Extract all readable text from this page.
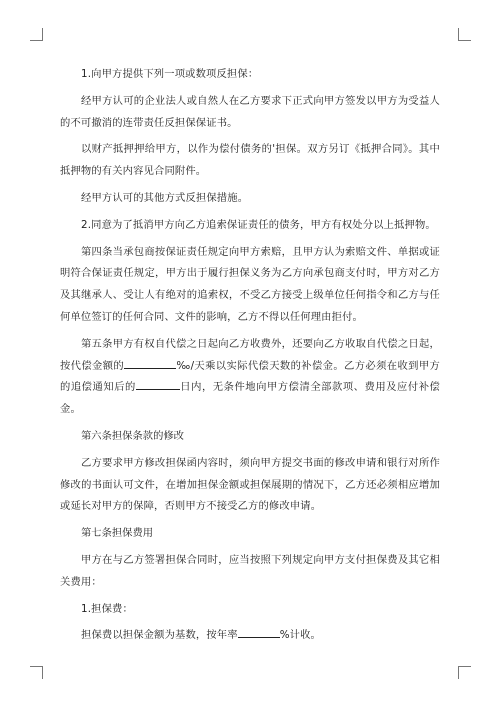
1.向甲方提供下列一项或数项反担保：

经甲方认可的企业法人或自然人在乙方要求下正式向甲方签发以甲方为受益人的不可撤消的连带责任反担保保证书。

以财产抵押押给甲方，以作为偿付债务的'担保。双方另订《抵押合同》。其中抵押物的有关内容见合同附件。

经甲方认可的其他方式反担保措施。

2.同意为了抵消甲方向乙方追索保证责任的债务，甲方有权处分以上抵押物。

第四条当承包商按保证责任规定向甲方索赔，且甲方认为索赔文件、单据或证明符合保证责任规定，甲方出于履行担保义务为乙方向承包商支付时，甲方对乙方及其继承人、受让人有绝对的追索权，不受乙方接受上级单位任何指令和乙方与任何单位签订的任何合同、文件的影响，乙方不得以任何理由拒付。

第五条甲方有权自代偿之日起向乙方收费外，还要向乙方收取自代偿之日起，按代偿金额的	‰/天乘以实际代偿天数的补偿金。乙方必须在收到甲方的追偿通知后的	日内，无条件地向甲方偿清全部款项、费用及应付补偿金。

第六条担保条款的修改

乙方要求甲方修改担保函内容时，须向甲方提交书面的修改申请和银行对所作修改的书面认可文件，在增加担保金额或担保展期的情况下，乙方还必须相应增加或延长对甲方的保障，否则甲方不接受乙方的修改申请。

第七条担保费用

甲方在与乙方签署担保合同时，应当按照下列规定向甲方支付担保费及其它相关费用：

1.担保费：

担保费以担保金额为基数，按年率	%计收。
